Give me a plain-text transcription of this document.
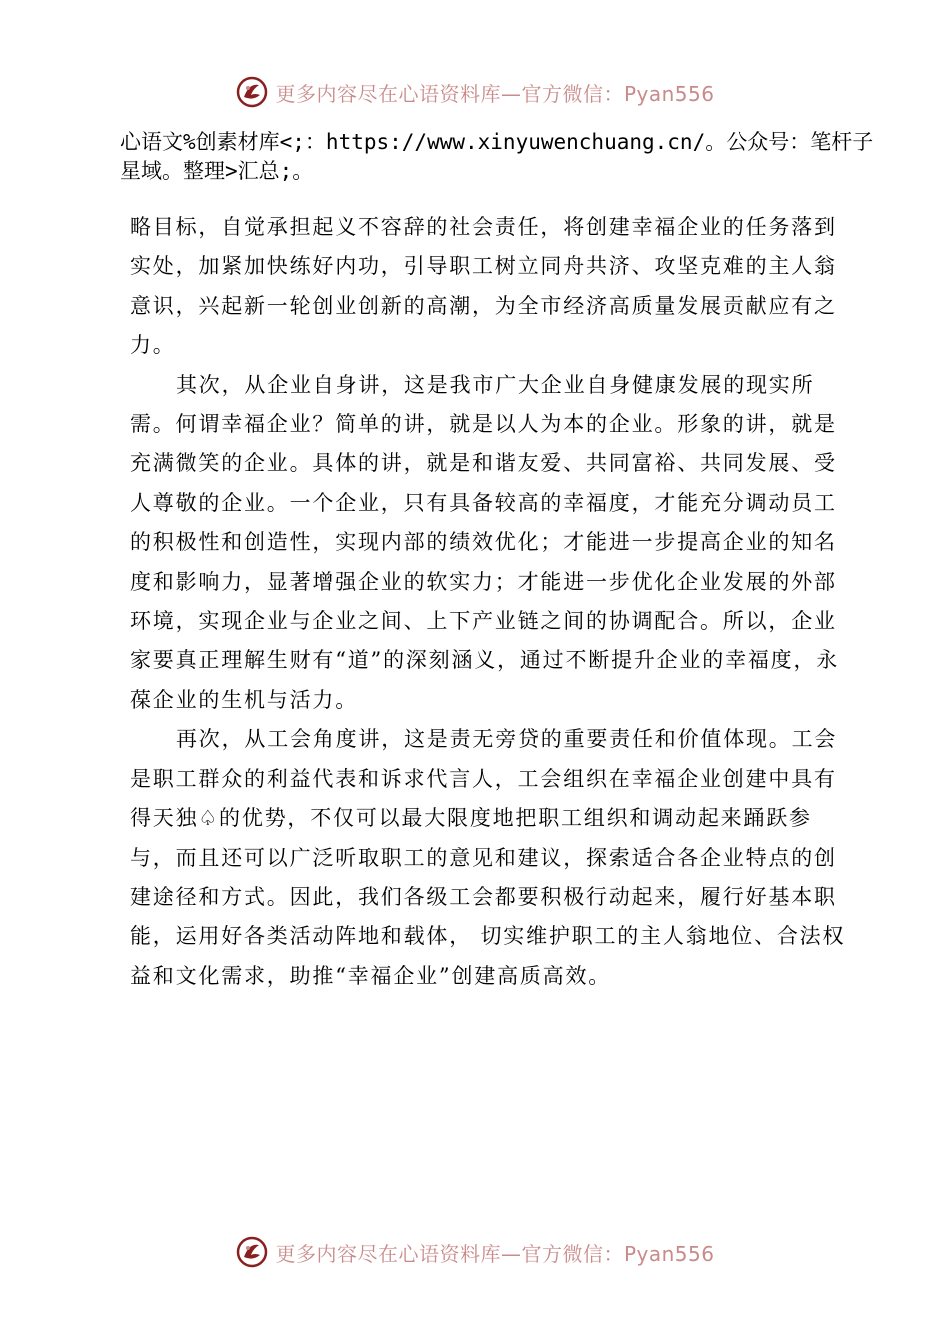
更多内容尽在心语资料库—官方微信：Pyan556
心语文%创素材库<;：https://www.xinyuwenchuang.cn/。公众号：笔杆子星域。整理>汇总;。

略目标，自觉承担起义不容辞的社会责任，将创建幸福企业的任务落到实处，加紧加快练好内功，引导职工树立同舟共济、攻坚克难的主人翁意识，兴起新一轮创业创新的高潮，为全市经济高质量发展贡献应有之力。

其次，从企业自身讲，这是我市广大企业自身健康发展的现实所需。何谓幸福企业？简单的讲，就是以人为本的企业。形象的讲，就是充满微笑的企业。具体的讲，就是和谐友爱、共同富裕、共同发展、受人尊敬的企业。一个企业，只有具备较高的幸福度，才能充分调动员工的积极性和创造性，实现内部的绩效优化；才能进一步提高企业的知名度和影响力，显著增强企业的软实力；才能进一步优化企业发展的外部环境，实现企业与企业之间、上下产业链之间的协调配合。所以，企业家要真正理解生财有“道”的深刻涵义，通过不断提升企业的幸福度，永葆企业的生机与活力。

再次，从工会角度讲，这是责无旁贷的重要责任和价值体现。工会是职工群众的利益代表和诉求代言人，工会组织在幸福企业创建中具有得天独♤的优势，不仅可以最大限度地把职工组织和调动起来踊跃参与，而且还可以广泛听取职工的意见和建议，探索适合各企业特点的创建途径和方式。因此，我们各级工会都要积极行动起来，履行好基本职能，运用好各类活动阵地和载体， 切实维护职工的主人翁地位、合法权益和文化需求，助推“幸福企业”创建高质高效。

更多内容尽在心语资料库—官方微信：Pyan556
